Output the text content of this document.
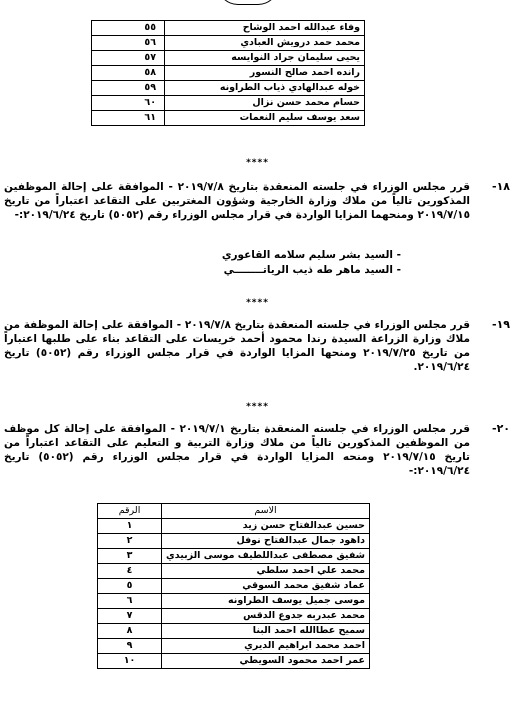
وفاء عبدالله احمد الوشاح	٥٥
محمد حمد درويش العبادي	٥٦
يحيى سليمان جراد النوايسه	٥٧
رانده احمد صالح النسور	٥٨
خوله عبدالهادي ذياب الطراونه	٥٩
حسام محمد حسن نزال	٦٠
سعد يوسف سليم النعمات	٦١
****
١٨-
قرر مجلس الوزراء في جلسته المنعقدة بتاريخ ٢٠١٩/٧/٨ - الموافقة على إحالة الموظفين المذكورين تالياً من ملاك وزارة الخارجية وشؤون المغتربين على التقاعد اعتباراً من تاريخ ٢٠١٩/٧/١٥ ومنحهما المزايا الواردة في قرار مجلس الوزراء رقم (٥٠٥٢) تاريخ ٢٠١٩/٦/٢٤:-
- السيد بشر سليم سلامه القاعوري
- السيد ماهر طه ذيب الرياتــــــــي
****
١٩-
قرر مجلس الوزراء في جلسته المنعقدة بتاريخ ٢٠١٩/٧/٨ - الموافقة على إحالة الموظفة من ملاك وزارة الزراعة السيدة رندا محمود أحمد خريسات على التقاعد بناء على طلبها اعتباراً من تاريخ ٢٠١٩/٧/٢٥ ومنحها المزايا الواردة في قرار مجلس الوزراء رقم (٥٠٥٢) تاريخ ٢٠١٩/٦/٢٤.
****
٢٠-
قرر مجلس الوزراء في جلسته المنعقدة بتاريخ ٢٠١٩/٧/١ - الموافقة على إحالة كل موظف من الموظفين المذكورين تالياً من ملاك وزارة التربية و التعليم على التقاعد اعتباراً من تاريخ ٢٠١٩/٧/١٥ ومنحه المزايا الواردة في قرار مجلس الوزراء رقم (٥٠٥٢) تاريخ ٢٠١٩/٦/٢٤:-
الاسم	الرقم
حسين عبدالفتاح حسن زيد	١
داهود جمال عبدالفتاح نوفل	٢
شفيق مصطفى عبداللطيف موسى الزبيدي	٣
محمد علي احمد سلطي	٤
عماد شفيق محمد السوقي	٥
موسى جميل يوسف الطراونه	٦
محمد عبدربه جدوع الدقس	٧
سميح عطاالله احمد البنا	٨
احمد محمد ابراهيم الديري	٩
عمر احمد محمود السويطي	١٠
